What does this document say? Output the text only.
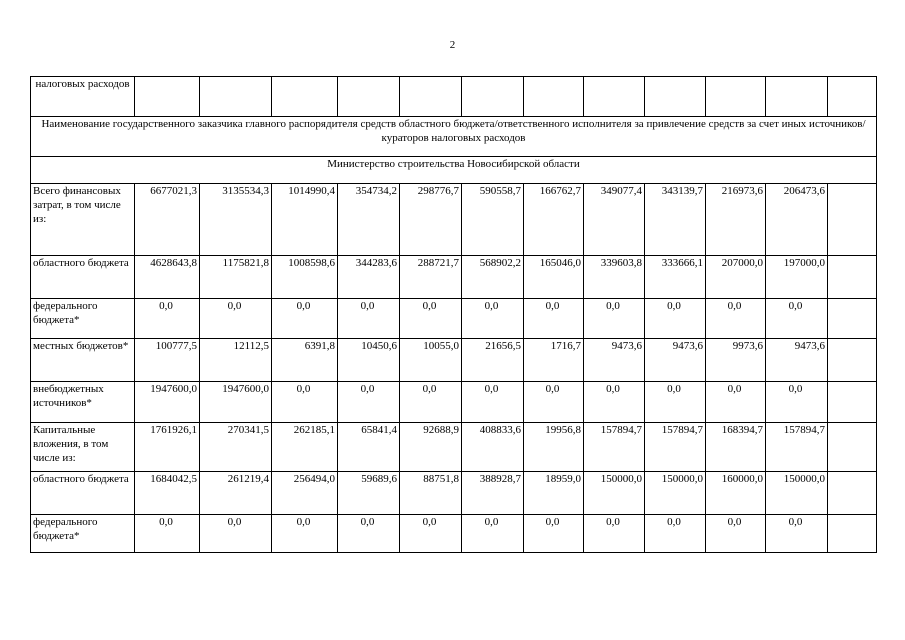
2
налоговых расходов												
Наименование государственного заказчика главного распорядителя средств областного бюджета/ответственного исполнителя за привлечение средств за счет иных источников/кураторов налоговых расходов												
Министерство строительства Новосибирской области												
Всего финансовых затрат, в том числе из:	6677021,3	3135534,3	1014990,4	354734,2	298776,7	590558,7	166762,7	349077,4	343139,7	216973,6	206473,6	
областного бюджета	4628643,8	1175821,8	1008598,6	344283,6	288721,7	568902,2	165046,0	339603,8	333666,1	207000,0	197000,0	
федерального бюджета*	0,0	0,0	0,0	0,0	0,0	0,0	0,0	0,0	0,0	0,0	0,0	
местных бюджетов*	100777,5	12112,5	6391,8	10450,6	10055,0	21656,5	1716,7	9473,6	9473,6	9973,6	9473,6	
внебюджетных источников*	1947600,0	1947600,0	0,0	0,0	0,0	0,0	0,0	0,0	0,0	0,0	0,0	
Капитальные вложения, в том числе из:	1761926,1	270341,5	262185,1	65841,4	92688,9	408833,6	19956,8	157894,7	157894,7	168394,7	157894,7	
областного бюджета	1684042,5	261219,4	256494,0	59689,6	88751,8	388928,7	18959,0	150000,0	150000,0	160000,0	150000,0	
федерального бюджета*	0,0	0,0	0,0	0,0	0,0	0,0	0,0	0,0	0,0	0,0	0,0	
